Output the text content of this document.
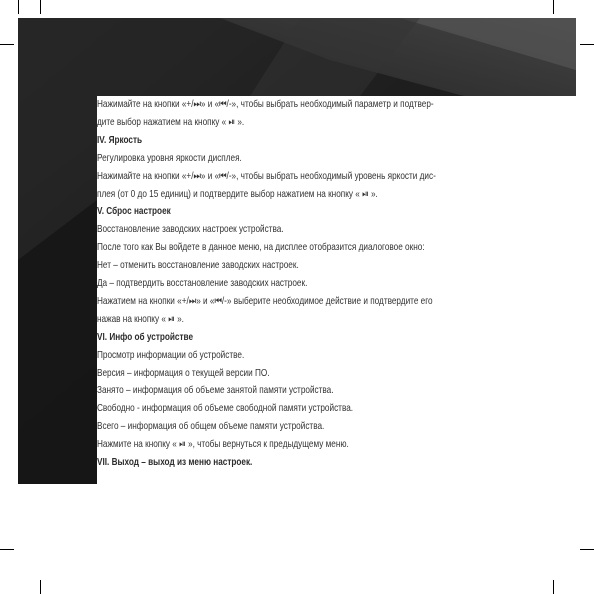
Нажимайте на кнопки «+/⏭» и «⏮/-», чтобы выбрать необходимый параметр и подтвер-
дите выбор нажатием на кнопку « ⏯ ».
IV. Яркость
Регулировка уровня яркости дисплея.
Нажимайте на кнопки «+/⏭» и «⏮/-», чтобы выбрать необходимый уровень яркости дис-
плея (от 0 до 15 единиц) и подтвердите выбор нажатием на кнопку « ⏯ ».
V. Сброс настроек
Восстановление заводских настроек устройства.
После того как Вы войдете в данное меню, на дисплее отобразится диалоговое окно:
Нет – отменить восстановление заводских настроек.
Да – подтвердить восстановление заводских настроек.
Нажатием на кнопки «+/⏭» и «⏮/-» выберите необходимое действие и подтвердите его
нажав на кнопку « ⏯ ».
VI. Инфо об устройстве
Просмотр информации об устройстве.
Версия – информация о текущей версии ПО.
Занято – информация об объеме занятой памяти устройства.
Свободно - информация об объеме свободной памяти устройства.
Всего – информация об общем объеме памяти устройства.
Нажмите на кнопку « ⏯ », чтобы вернуться к предыдущему меню.
VII. Выход – выход из меню настроек.
